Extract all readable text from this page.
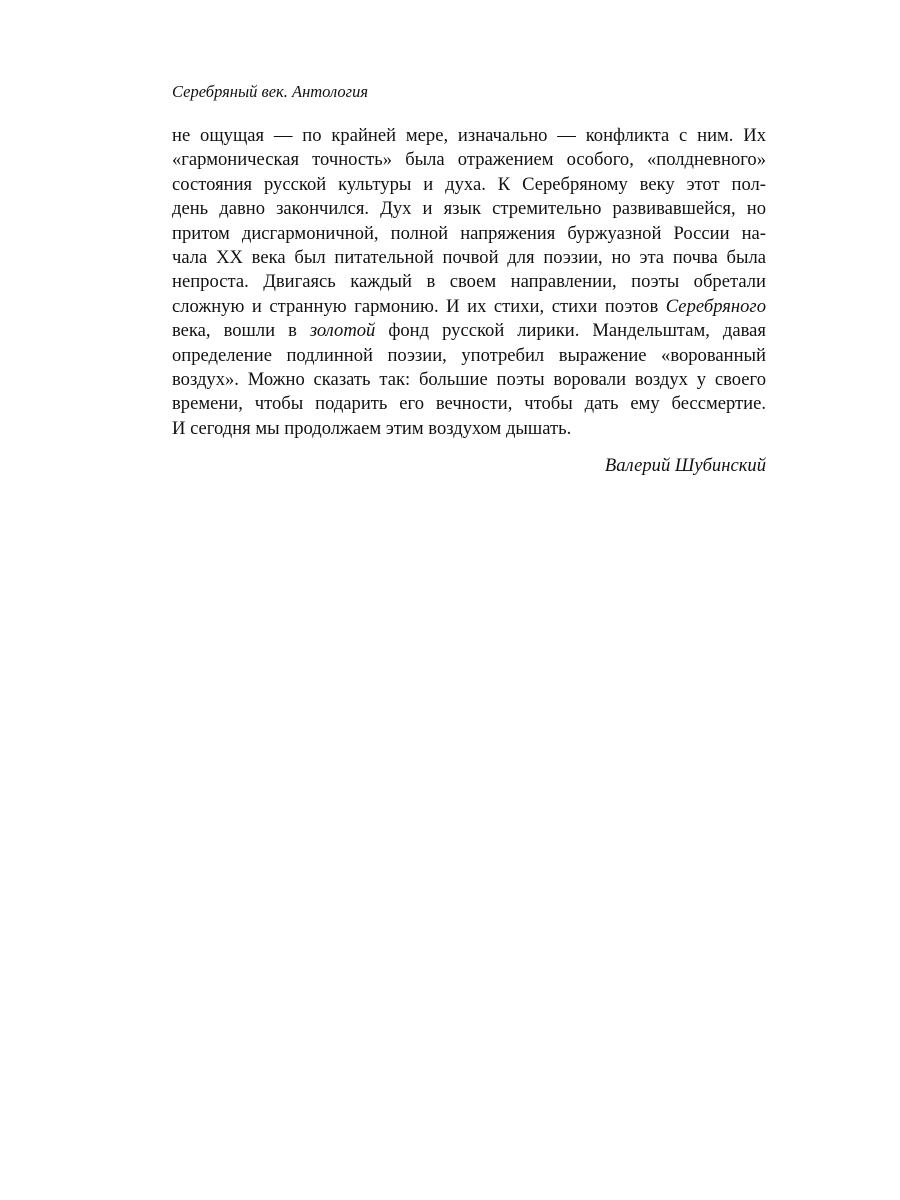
Серебряный век. Антология
не ощущая — по крайней мере, изначально — конфликта с ним. Их
«гармоническая точность» была отражением особого, «полдневного»
состояния русской культуры и духа. К Серебряному веку этот пол-
день давно закончился. Дух и язык стремительно развивавшейся, но
притом дисгармоничной, полной напряжения буржуазной России на-
чала XX века был питательной почвой для поэзии, но эта почва была
непроста. Двигаясь каждый в своем направлении, поэты обретали
сложную и странную гармонию. И их стихи, стихи поэтов Серебряного
века, вошли в золотой фонд русской лирики. Мандельштам, давая
определение подлинной поэзии, употребил выражение «ворованный
воздух». Можно сказать так: большие поэты воровали воздух у своего
времени, чтобы подарить его вечности, чтобы дать ему бессмертие.
И сегодня мы продолжаем этим воздухом дышать.
Валерий Шубинский
